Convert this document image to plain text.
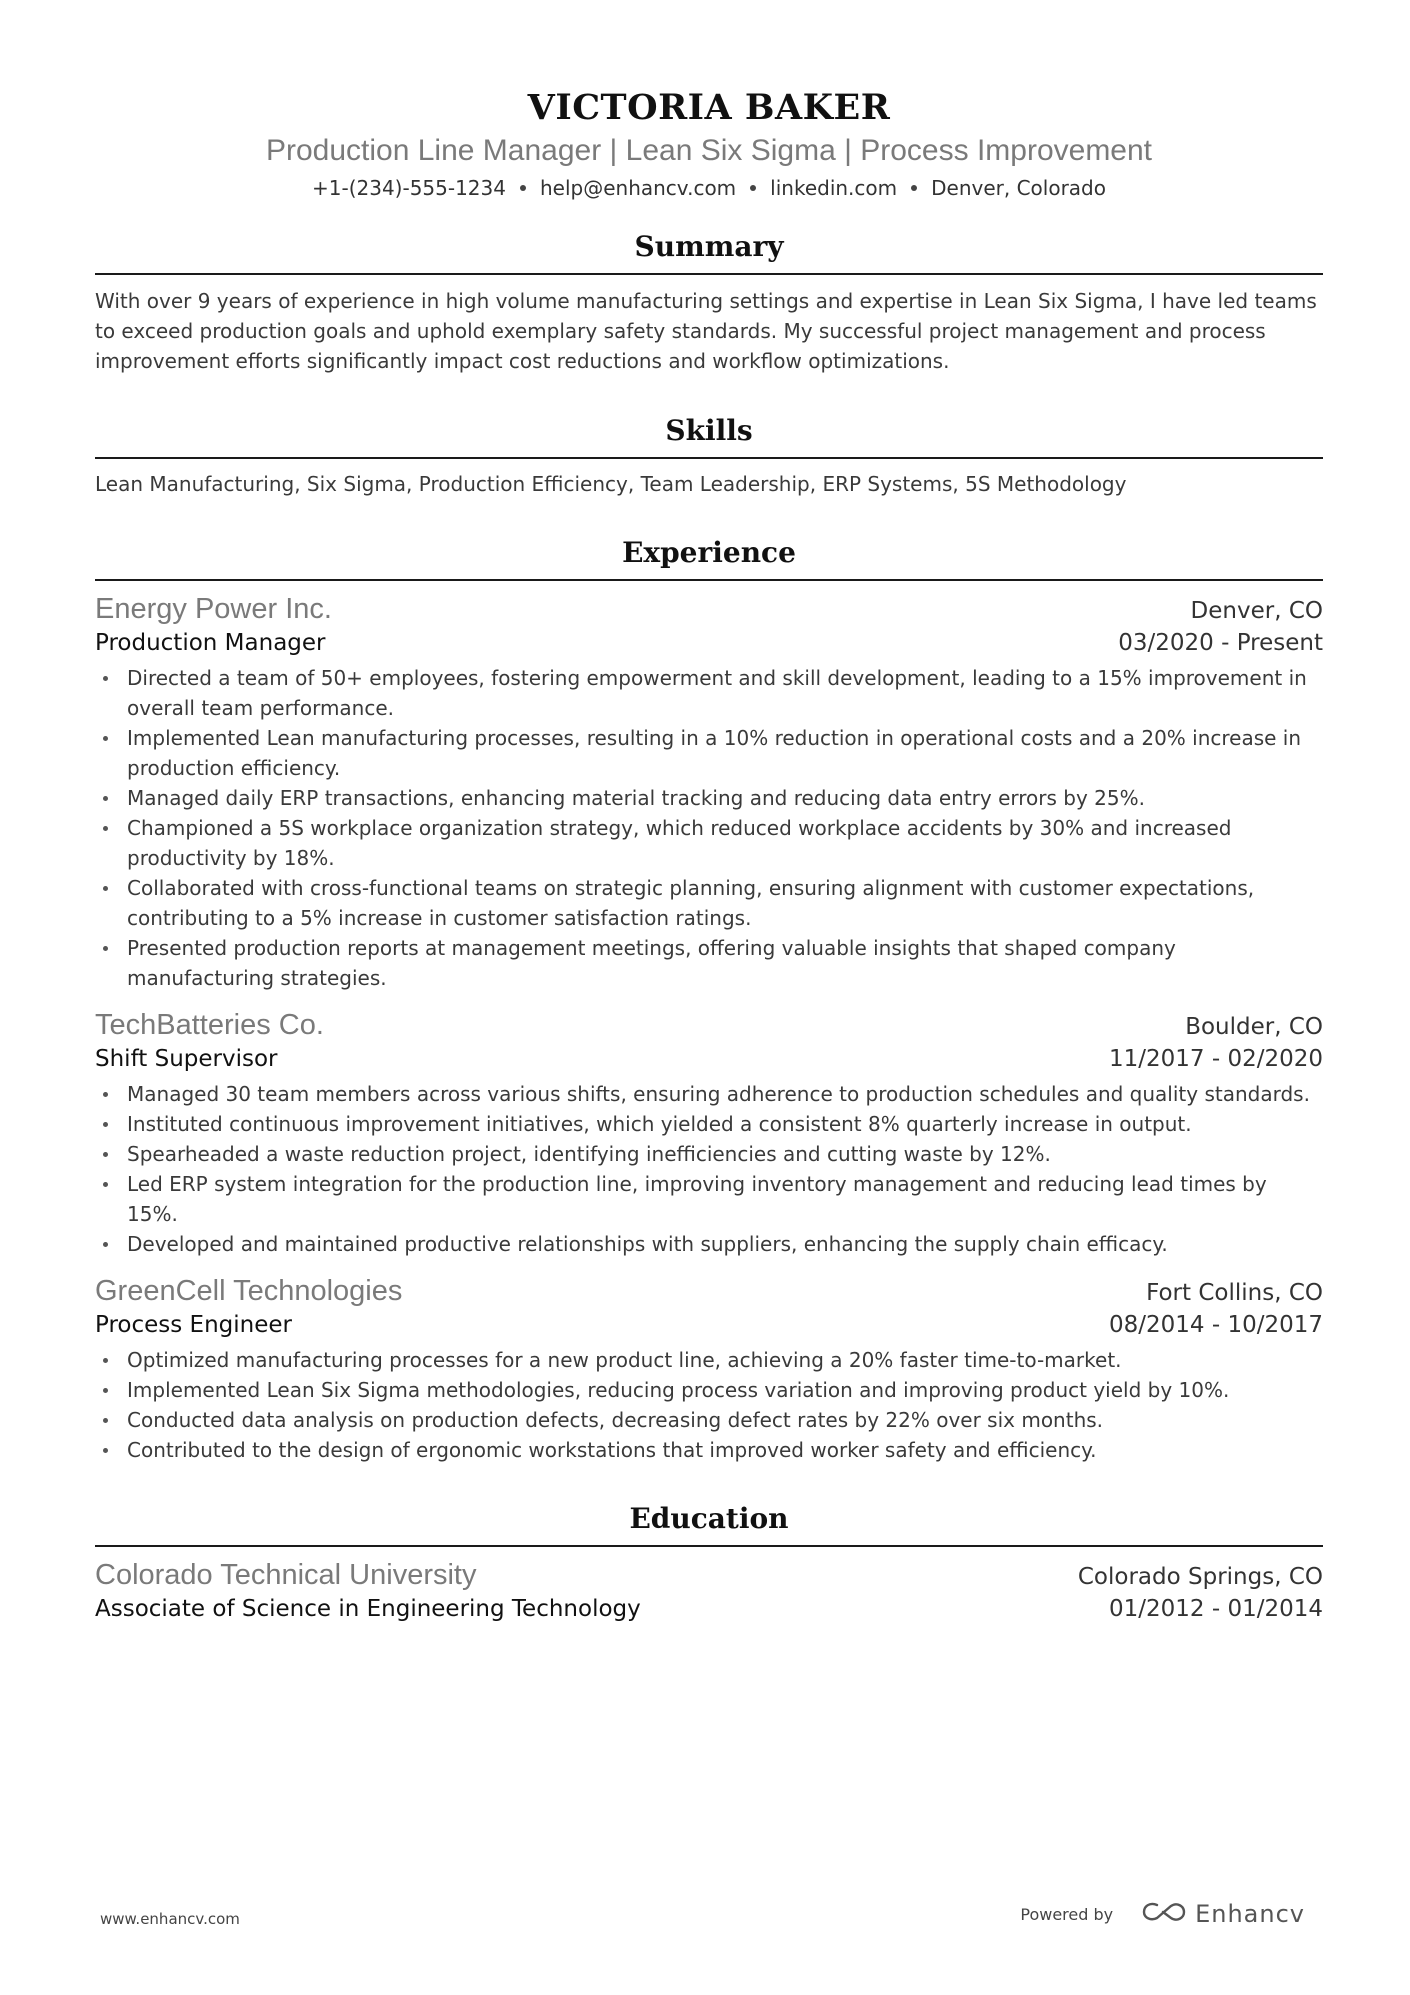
VICTORIA BAKER
Production Line Manager | Lean Six Sigma | Process Improvement
+1-(234)-555-1234 help@enhancv.com linkedin.com Denver, Colorado
Summary
With over 9 years of experience in high volume manufacturing settings and expertise in Lean Six Sigma, I have led teams to exceed production goals and uphold exemplary safety standards. My successful project management and process improvement efforts significantly impact cost reductions and workflow optimizations.
Skills
Lean Manufacturing, Six Sigma, Production Efficiency, Team Leadership, ERP Systems, 5S Methodology
Experience
Energy Power Inc.	Denver, CO
Production Manager	03/2020 - Present
Directed a team of 50+ employees, fostering empowerment and skill development, leading to a 15% improvement in overall team performance.
Implemented Lean manufacturing processes, resulting in a 10% reduction in operational costs and a 20% increase in production efficiency.
Managed daily ERP transactions, enhancing material tracking and reducing data entry errors by 25%.
Championed a 5S workplace organization strategy, which reduced workplace accidents by 30% and increased productivity by 18%.
Collaborated with cross-functional teams on strategic planning, ensuring alignment with customer expectations, contributing to a 5% increase in customer satisfaction ratings.
Presented production reports at management meetings, offering valuable insights that shaped company manufacturing strategies.
TechBatteries Co.	Boulder, CO
Shift Supervisor	11/2017 - 02/2020
Managed 30 team members across various shifts, ensuring adherence to production schedules and quality standards.
Instituted continuous improvement initiatives, which yielded a consistent 8% quarterly increase in output.
Spearheaded a waste reduction project, identifying inefficiencies and cutting waste by 12%.
Led ERP system integration for the production line, improving inventory management and reducing lead times by 15%.
Developed and maintained productive relationships with suppliers, enhancing the supply chain efficacy.
GreenCell Technologies	Fort Collins, CO
Process Engineer	08/2014 - 10/2017
Optimized manufacturing processes for a new product line, achieving a 20% faster time-to-market.
Implemented Lean Six Sigma methodologies, reducing process variation and improving product yield by 10%.
Conducted data analysis on production defects, decreasing defect rates by 22% over six months.
Contributed to the design of ergonomic workstations that improved worker safety and efficiency.
Education
Colorado Technical University	Colorado Springs, CO
Associate of Science in Engineering Technology	01/2012 - 01/2014
www.enhancv.com	Powered by	Enhancv
